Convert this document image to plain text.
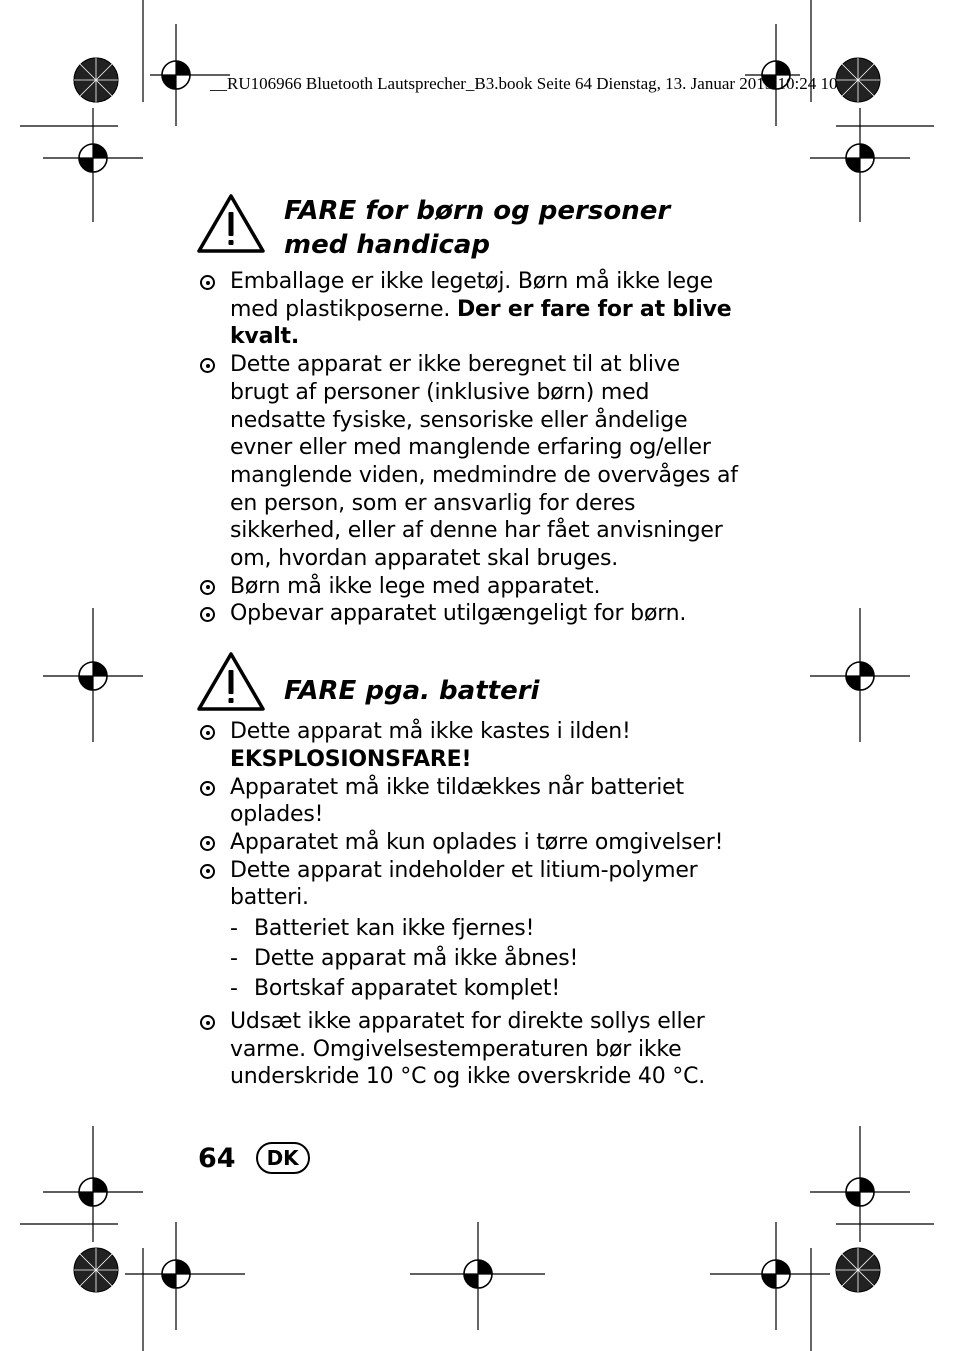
__RU106966 Bluetooth Lautsprecher_B3.book Seite 64 Dienstag, 13. Januar 2015 10:24 10
FARE for børn og personer med handicap
Emballage er ikke legetøj. Børn må ikke lege med plastikposerne. Der er fare for at blive kvalt.
Dette apparat er ikke beregnet til at blive brugt af personer (inklusive børn) med nedsatte fysiske, sensoriske eller åndelige evner eller med manglende erfaring og/eller manglende viden, medmindre de overvåges af en person, som er ansvarlig for deres sikkerhed, eller af denne har fået anvisninger om, hvordan apparatet skal bruges.
Børn må ikke lege med apparatet.
Opbevar apparatet utilgængeligt for børn.
FARE pga. batteri
Dette apparat må ikke kastes i ilden! EKSPLOSIONSFARE!
Apparatet må ikke tildækkes når batteriet oplades!
Apparatet må kun oplades i tørre omgivelser!
Dette apparat indeholder et litium-polymer batteri.
- Batteriet kan ikke fjernes!
- Dette apparat må ikke åbnes!
- Bortskaf apparatet komplet!
Udsæt ikke apparatet for direkte sollys eller varme. Omgivelsestemperaturen bør ikke underskride 10 °C og ikke overskride 40 °C.
64	DK
